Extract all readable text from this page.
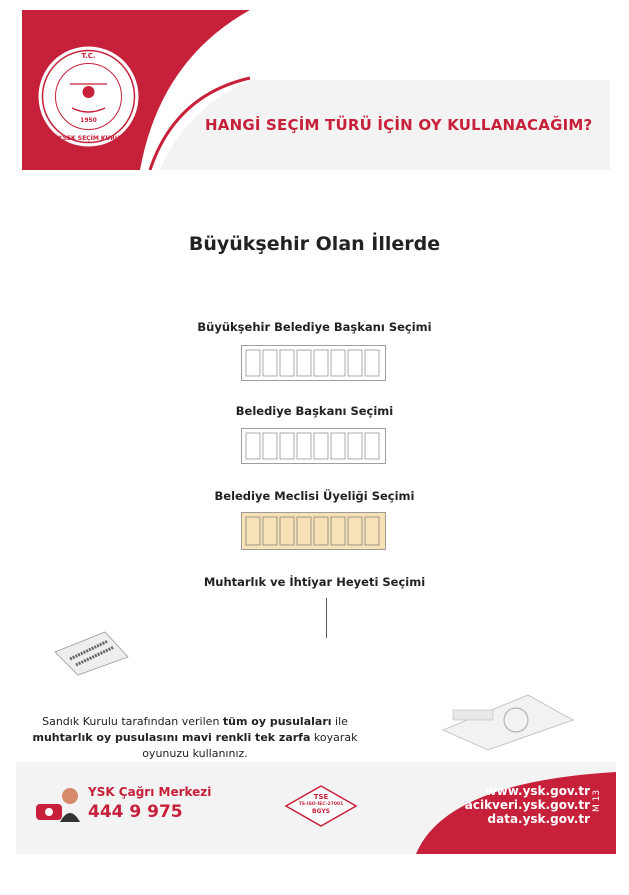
T.C.
1950
YÜKSEK SEÇİM KURULU
HANGİ SEÇİM TÜRÜ İÇİN OY KULLANACAĞIM?
Büyükşehir Olan İllerde
Büyükşehir Belediye Başkanı Seçimi
Belediye Başkanı Seçimi
Belediye Meclisi Üyeliği Seçimi
Muhtarlık ve İhtiyar Heyeti Seçimi
Sandık Kurulu tarafından verilen tüm oy pusulaları ile
muhtarlık oy pusulasını mavi renkli tek zarfa koyarak oyunuzu kullanınız.
YSK Çağrı Merkezi
444 9 975
TSE
TS-ISO-IEC-27001
BGYS
www.ysk.gov.tr
acikveri.ysk.gov.tr
data.ysk.gov.tr
M 13
